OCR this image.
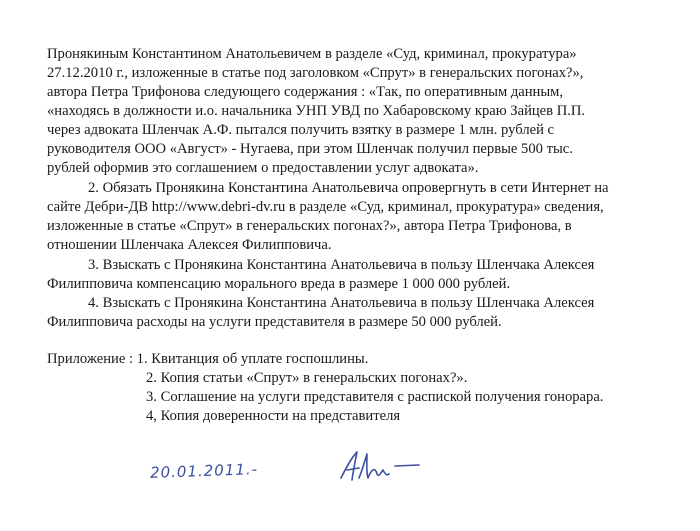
Пронякиным Константином Анатольевичем в разделе «Суд, криминал, прокуратура»
27.12.2010 г., изложенные в статье под заголовком «Спрут» в генеральских погонах?»,
автора Петра Трифонова следующего содержания : «Так, по оперативным данным,
«находясь в должности и.о. начальника УНП УВД по Хабаровскому краю Зайцев П.П.
через адвоката Шленчак А.Ф. пытался получить взятку в размере 1 млн. рублей с
руководителя ООО «Август» - Нугаева, при этом Шленчак получил первые 500 тыс.
рублей оформив это соглашением о предоставлении услуг адвоката».
2. Обязать Пронякина Константина Анатольевича опровергнуть в сети Интернет на
сайте Дебри-ДВ http://www.debri-dv.ru в разделе «Суд, криминал, прокуратура» сведения,
изложенные в статье «Спрут» в генеральских погонах?», автора Петра Трифонова, в
отношении Шленчака Алексея Филипповича.
3. Взыскать с Пронякина Константина Анатольевича в пользу Шленчака Алексея
Филипповича компенсацию морального вреда в размере 1 000 000 рублей.
4. Взыскать с Пронякина Константина Анатольевича в пользу Шленчака Алексея
Филипповича расходы на услуги представителя в размере 50 000 рублей.
Приложение : 1. Квитанция об уплате госпошлины.
2. Копия статьи «Спрут» в генеральских погонах?».
3. Соглашение на услуги представителя с распиской получения гонорара.
4, Копия доверенности на представителя
20.01.2011.-
